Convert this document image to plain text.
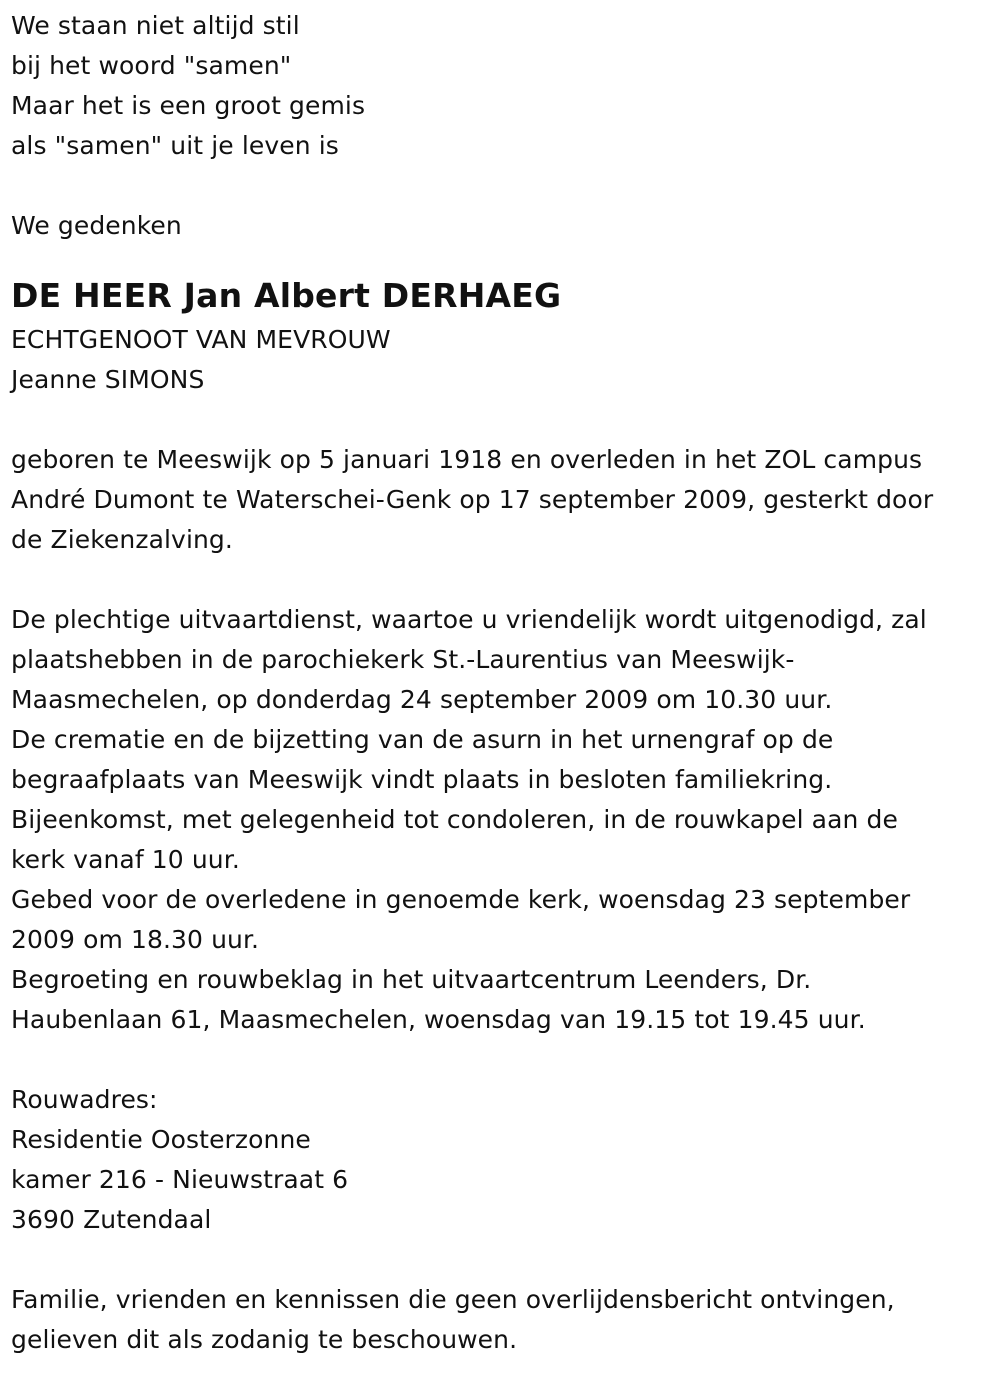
We staan niet altijd stil
bij het woord "samen"
Maar het is een groot gemis
als "samen" uit je leven is
We gedenken
DE HEER Jan Albert DERHAEG
ECHTGENOOT VAN MEVROUW
Jeanne SIMONS
geboren te Meeswijk op 5 januari 1918 en overleden in het ZOL campus
André Dumont te Waterschei-Genk op 17 september 2009, gesterkt door
de Ziekenzalving.
De plechtige uitvaartdienst, waartoe u vriendelijk wordt uitgenodigd, zal
plaatshebben in de parochiekerk St.-Laurentius van Meeswijk-
Maasmechelen, op donderdag 24 september 2009 om 10.30 uur.
De crematie en de bijzetting van de asurn in het urnengraf op de
begraafplaats van Meeswijk vindt plaats in besloten familiekring.
Bijeenkomst, met gelegenheid tot condoleren, in de rouwkapel aan de
kerk vanaf 10 uur.
Gebed voor de overledene in genoemde kerk, woensdag 23 september
2009 om 18.30 uur.
Begroeting en rouwbeklag in het uitvaartcentrum Leenders, Dr.
Haubenlaan 61, Maasmechelen, woensdag van 19.15 tot 19.45 uur.
Rouwadres:
Residentie Oosterzonne
kamer 216 - Nieuwstraat 6
3690 Zutendaal
Familie, vrienden en kennissen die geen overlijdensbericht ontvingen,
gelieven dit als zodanig te beschouwen.
